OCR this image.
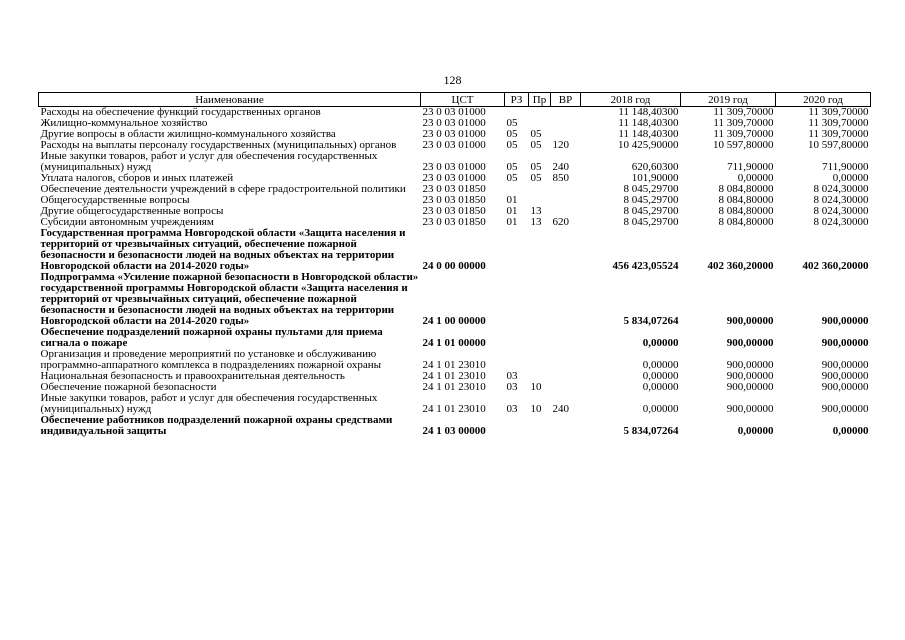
128
Наименование	ЦСТ	РЗ	Пр	ВР	2018 год	2019 год	2020 год
Расходы на обеспечение функций государственных органов	23 0 03 01000				11 148,40300	11 309,70000	11 309,70000
Жилищно-коммунальное хозяйство	23 0 03 01000	05			11 148,40300	11 309,70000	11 309,70000
Другие вопросы в области жилищно-коммунального хозяйства	23 0 03 01000	05	05		11 148,40300	11 309,70000	11 309,70000
Расходы на выплаты персоналу государственных (муниципальных) органов	23 0 03 01000	05	05	120	10 425,90000	10 597,80000	10 597,80000
Иные закупки товаров, работ и услуг для обеспечения государственных (муниципальных) нужд	23 0 03 01000	05	05	240	620,60300	711,90000	711,90000
Уплата налогов, сборов и иных платежей	23 0 03 01000	05	05	850	101,90000	0,00000	0,00000
Обеспечение деятельности учреждений в сфере градостроительной политики	23 0 03 01850				8 045,29700	8 084,80000	8 024,30000
Общегосударственные вопросы	23 0 03 01850	01			8 045,29700	8 084,80000	8 024,30000
Другие общегосударственные вопросы	23 0 03 01850	01	13		8 045,29700	8 084,80000	8 024,30000
Субсидии автономным учреждениям	23 0 03 01850	01	13	620	8 045,29700	8 084,80000	8 024,30000
Государственная программа Новгородской области «Защита населения и территорий от чрезвычайных ситуаций, обеспечение пожарной безопасности и безопасности людей на водных объектах на территории Новгородской области на 2014-2020 годы»	24 0 00 00000				456 423,05524	402 360,20000	402 360,20000
Подпрограмма «Усиление пожарной безопасности в Новгородской области» государственной программы Новгородской области «Защита населения и территорий от чрезвычайных ситуаций, обеспечение пожарной безопасности и безопасности людей на водных объектах на территории Новгородской области на 2014-2020 годы»	24 1 00 00000				5 834,07264	900,00000	900,00000
Обеспечение подразделений пожарной охраны пультами для приема сигнала о пожаре	24 1 01 00000				0,00000	900,00000	900,00000
Организация и проведение мероприятий по установке и обслуживанию программно-аппаратного комплекса в подразделениях пожарной охраны	24 1 01 23010				0,00000	900,00000	900,00000
Национальная безопасность и правоохранительная деятельность	24 1 01 23010	03			0,00000	900,00000	900,00000
Обеспечение пожарной безопасности	24 1 01 23010	03	10		0,00000	900,00000	900,00000
Иные закупки товаров, работ и услуг для обеспечения государственных (муниципальных) нужд	24 1 01 23010	03	10	240	0,00000	900,00000	900,00000
Обеспечение работников подразделений пожарной охраны средствами индивидуальной защиты	24 1 03 00000				5 834,07264	0,00000	0,00000
